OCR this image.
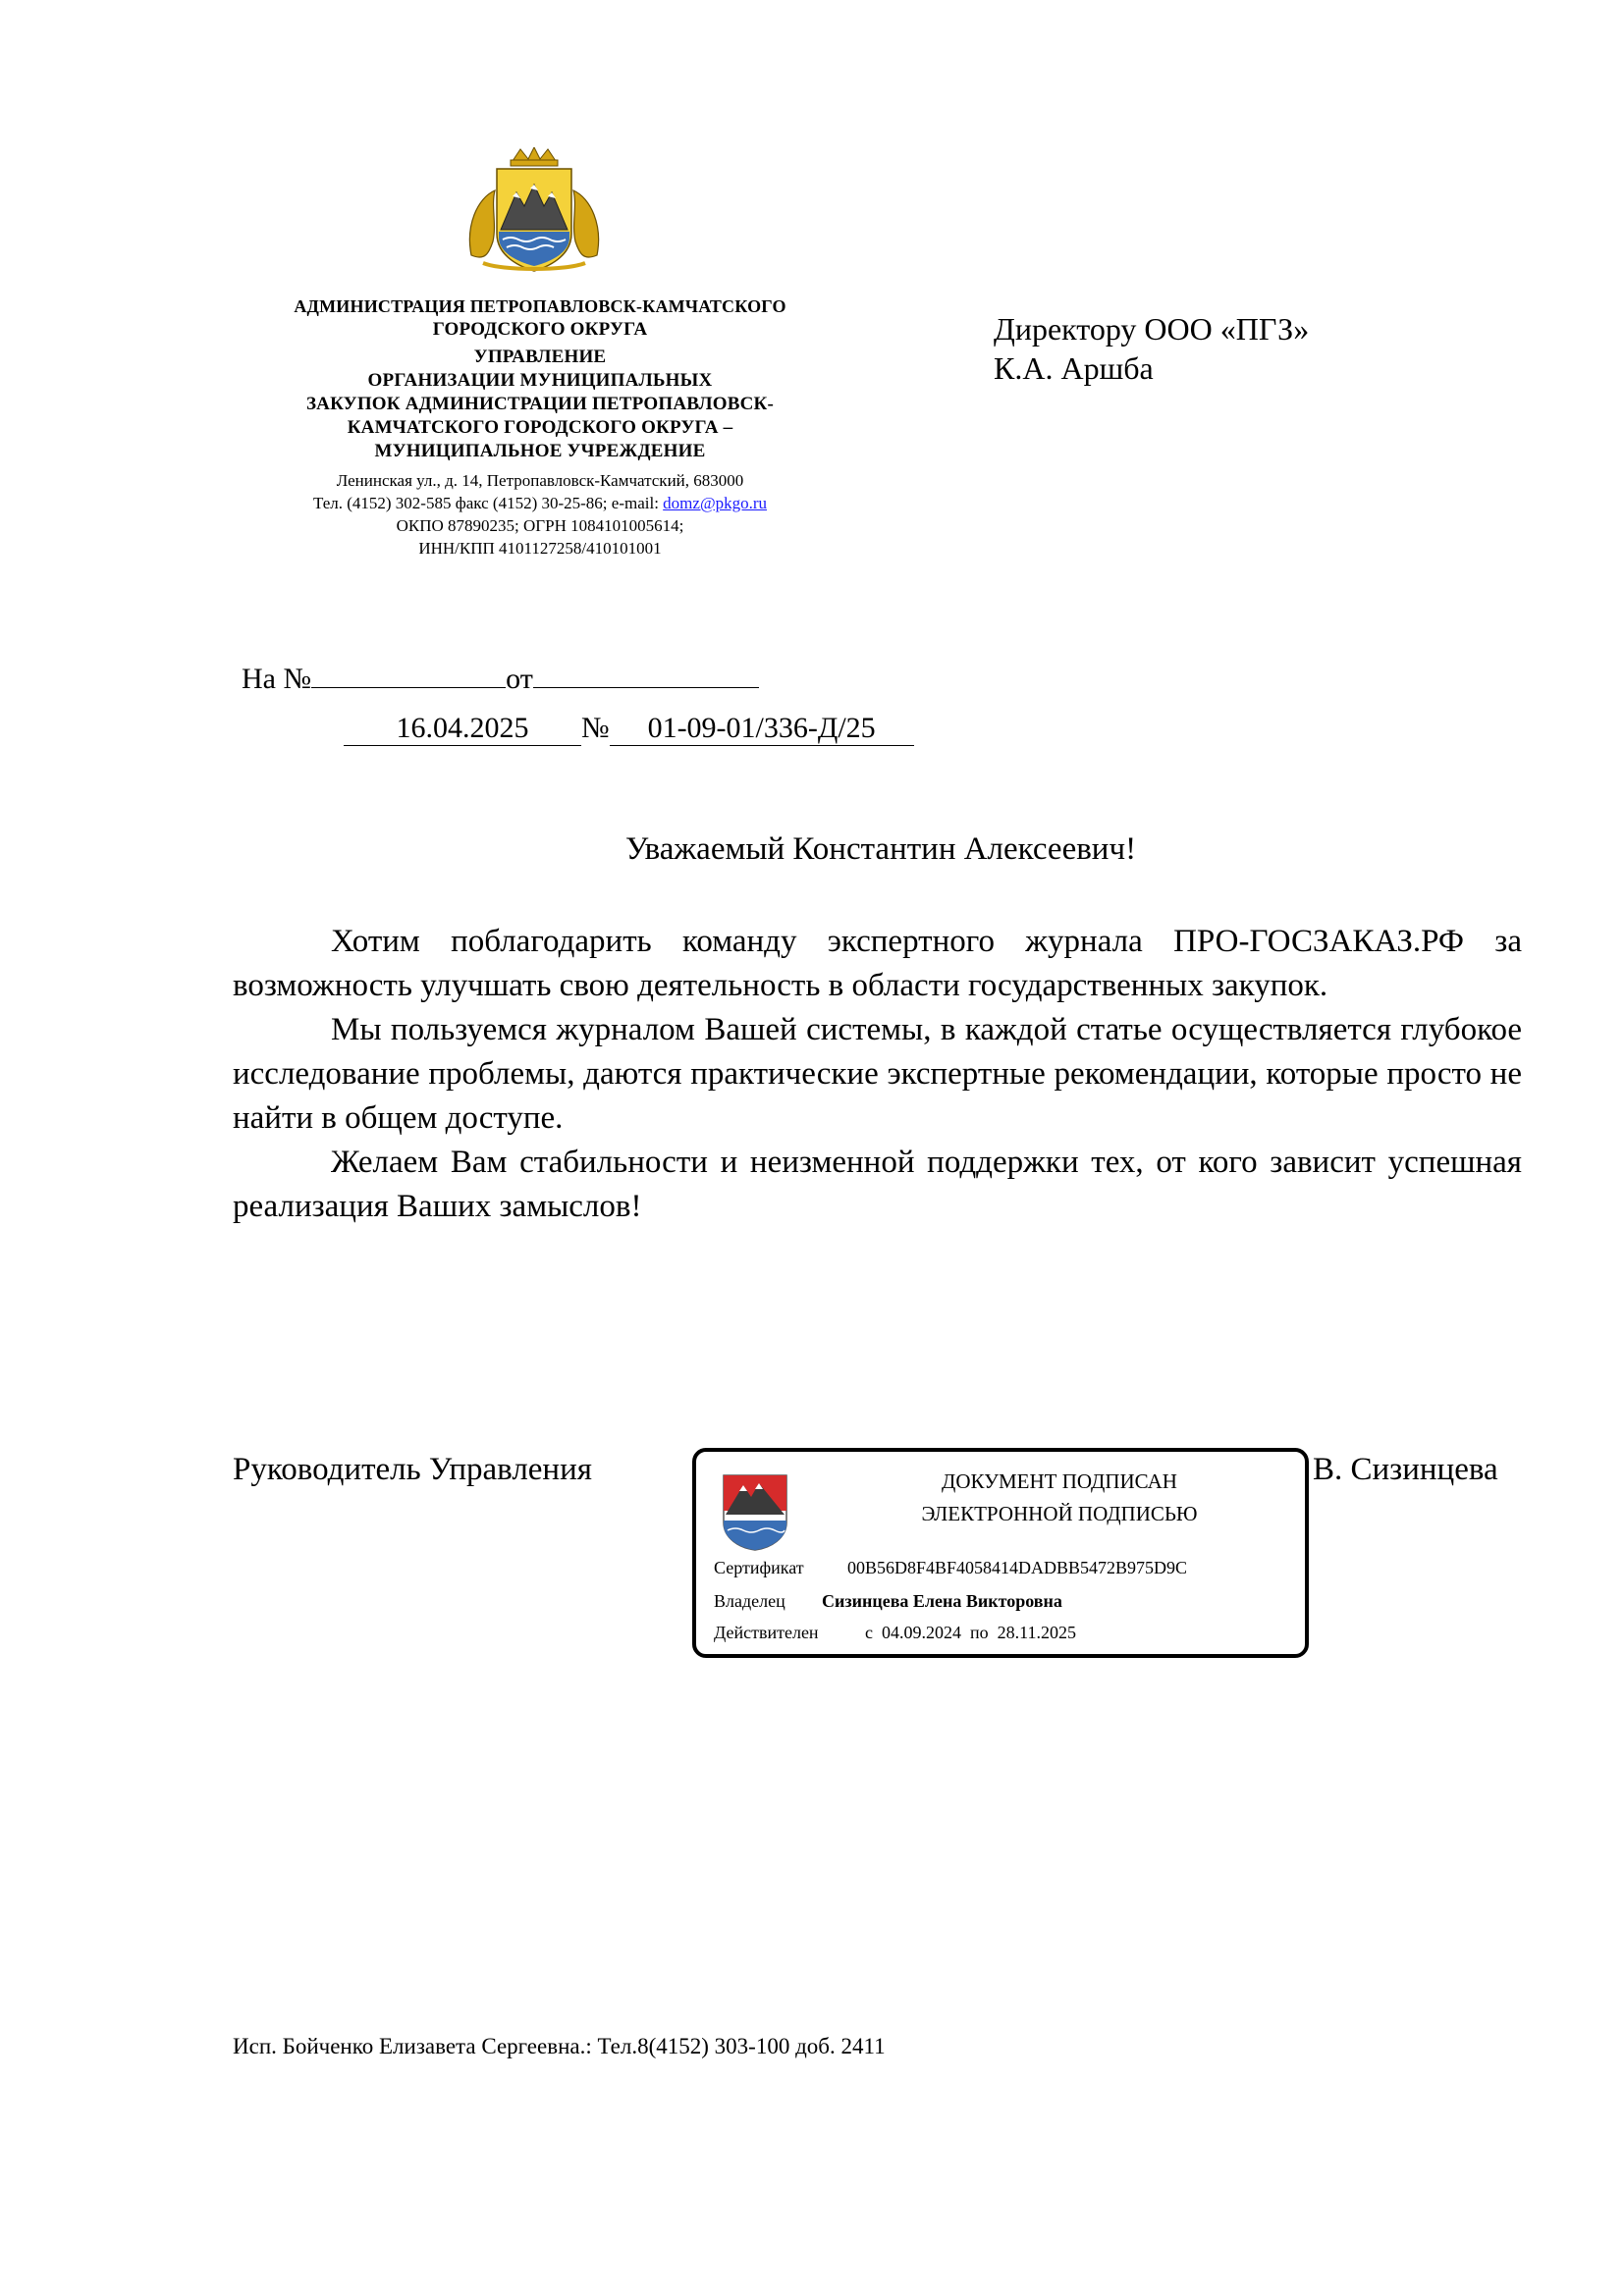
АДМИНИСТРАЦИЯ ПЕТРОПАВЛОВСК-КАМЧАТСКОГО
ГОРОДСКОГО ОКРУГА
УПРАВЛЕНИЕ
ОРГАНИЗАЦИИ МУНИЦИПАЛЬНЫХ
ЗАКУПОК АДМИНИСТРАЦИИ ПЕТРОПАВЛОВСК-
КАМЧАТСКОГО ГОРОДСКОГО ОКРУГА –
МУНИЦИПАЛЬНОЕ УЧРЕЖДЕНИЕ
Ленинская ул., д. 14, Петропавловск-Камчатский, 683000
Тел. (4152) 302-585 факс (4152) 30-25-86; e-mail: domz@pkgo.ru
ОКПО 87890235; ОГРН 1084101005614;
ИНН/КПП 4101127258/410101001
Директору ООО «ПГЗ»
К.А. Аршба
На №	от
16.04.2025 № 01-09-01/336-Д/25
Уважаемый Константин Алексеевич!

Хотим поблагодарить команду экспертного журнала ПРО-ГОСЗАКАЗ.РФ за возможность улучшать свою деятельность в области государственных закупок.

Мы пользуемся журналом Вашей системы, в каждой статье осуществляется глубокое исследование проблемы, даются практические экспертные рекомендации, которые просто не найти в общем доступе.

Желаем Вам стабильности и неизменной поддержки тех, от кого зависит успешная реализация Ваших замыслов!

Руководитель Управления	В. Сизинцева
ДОКУМЕНТ ПОДПИСАН
ЭЛЕКТРОННОЙ ПОДПИСЬЮ
Сертификат 00B56D8F4BF4058414DADBB5472B975D9C
Владелец Сизинцева Елена Викторовна
Действителен	с 04.09.2024 по 28.11.2025
Исп. Бойченко Елизавета Сергеевна.: Тел.8(4152) 303-100 доб. 2411
